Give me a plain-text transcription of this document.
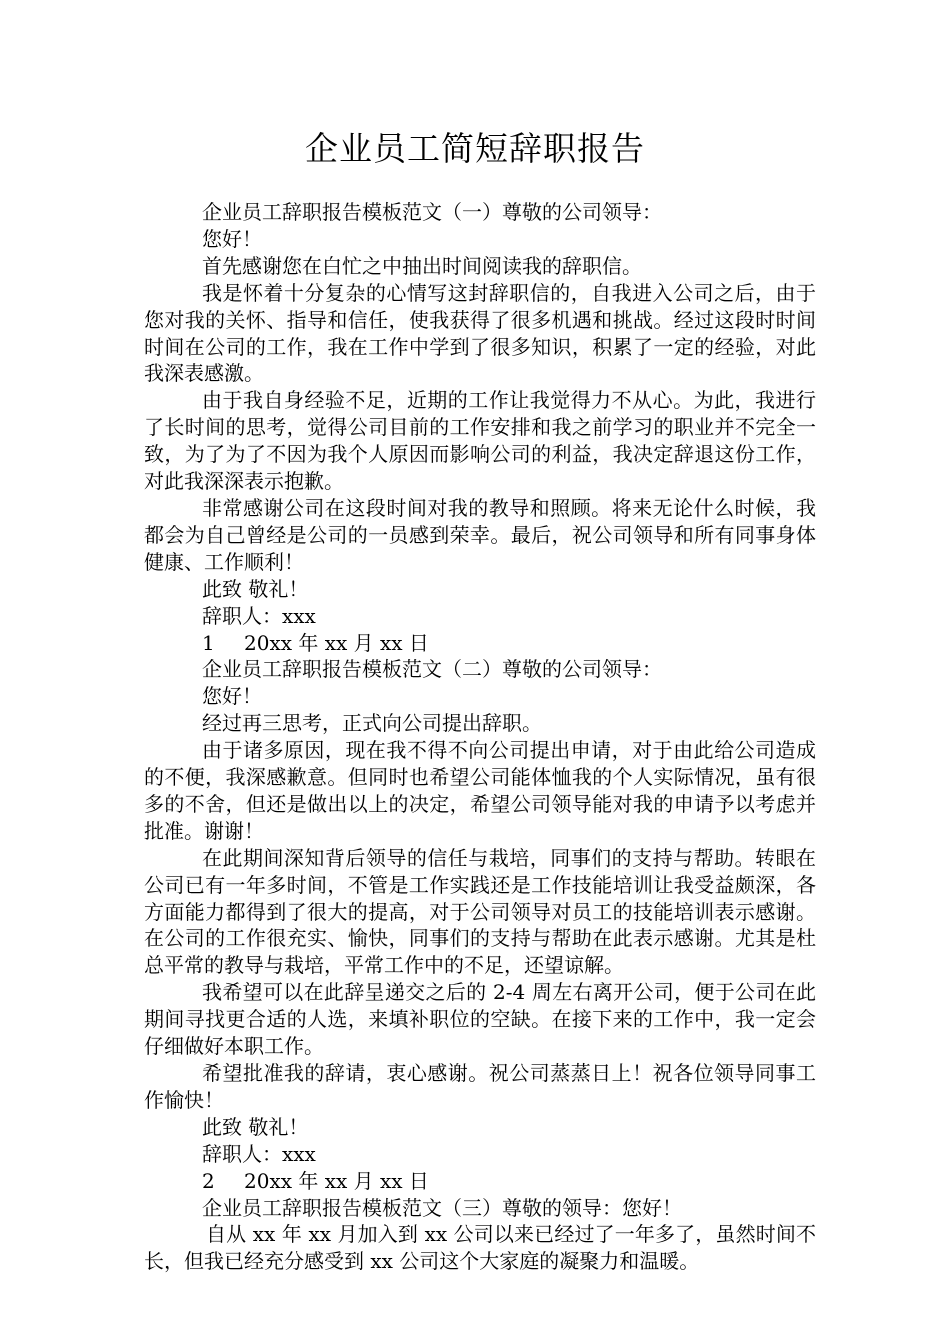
企业员工简短辞职报告

企业员工辞职报告模板范文（一）尊敬的公司领导：

您好！

首先感谢您在白忙之中抽出时间阅读我的辞职信。

我是怀着十分复杂的心情写这封辞职信的，自我进入公司之后，由于您对我的关怀、指导和信任，使我获得了很多机遇和挑战。经过这段时时间时间在公司的工作，我在工作中学到了很多知识，积累了一定的经验，对此我深表感激。

由于我自身经验不足，近期的工作让我觉得力不从心。为此，我进行了长时间的思考，觉得公司目前的工作安排和我之前学习的职业并不完全一致，为了为了不因为我个人原因而影响公司的利益，我决定辞退这份工作，对此我深深表示抱歉。

非常感谢公司在这段时间对我的教导和照顾。将来无论什么时候，我都会为自己曾经是公司的一员感到荣幸。最后，祝公司领导和所有同事身体健康、工作顺利！

此致 敬礼！

辞职人：xxx

1 20xx 年 xx 月 xx 日

企业员工辞职报告模板范文（二）尊敬的公司领导：

您好！

经过再三思考，正式向公司提出辞职。

由于诸多原因，现在我不得不向公司提出申请，对于由此给公司造成的不便，我深感歉意。但同时也希望公司能体恤我的个人实际情况，虽有很多的不舍，但还是做出以上的决定，希望公司领导能对我的申请予以考虑并批准。谢谢！

在此期间深知背后领导的信任与栽培，同事们的支持与帮助。转眼在公司已有一年多时间，不管是工作实践还是工作技能培训让我受益颇深，各方面能力都得到了很大的提高，对于公司领导对员工的技能培训表示感谢。在公司的工作很充实、愉快，同事们的支持与帮助在此表示感谢。尤其是杜总平常的教导与栽培，平常工作中的不足，还望谅解。

我希望可以在此辞呈递交之后的 2-4 周左右离开公司，便于公司在此期间寻找更合适的人选，来填补职位的空缺。在接下来的工作中，我一定会仔细做好本职工作。

希望批准我的辞请，衷心感谢。祝公司蒸蒸日上！祝各位领导同事工作愉快！

此致 敬礼！

辞职人：xxx

2 20xx 年 xx 月 xx 日

企业员工辞职报告模板范文（三）尊敬的领导：您好！

自从 xx 年 xx 月加入到 xx 公司以来已经过了一年多了，虽然时间不长，但我已经充分感受到 xx 公司这个大家庭的凝聚力和温暖。
